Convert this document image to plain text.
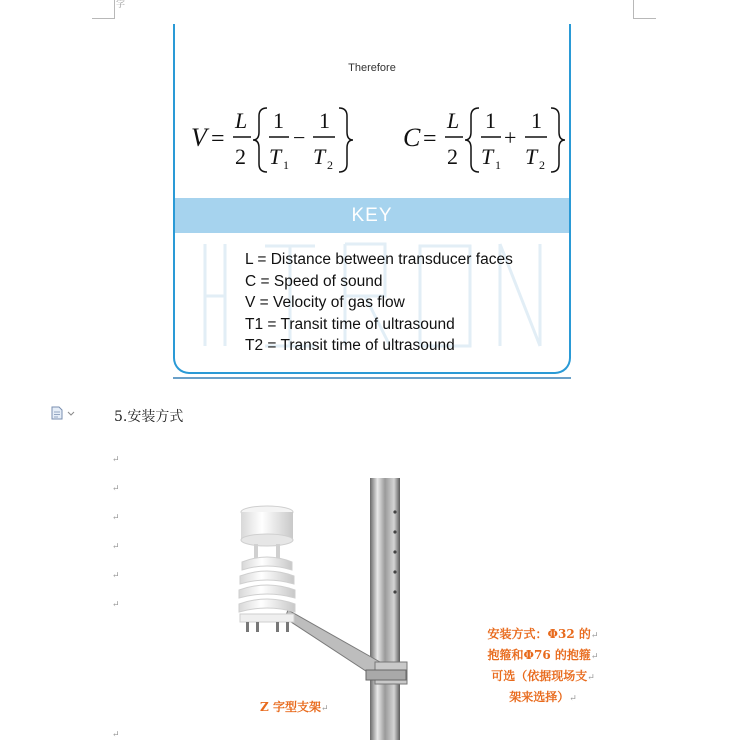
字
Therefore
V =
L
2
1
T 1
−
1
T 2
C =
L
2
1
T 1
+
1
T 2
KEY
L = Distance between transducer faces
C = Speed of sound
V = Velocity of gas flow
T1 = Transit time of ultrasound
T2 = Transit time of ultrasound
5.安装方式
↵
↵
↵
↵
↵
↵
↵
Z 字型支架↵
安装方式：Φ32 的↵
抱箍和Φ76 的抱箍↵
可选（依据现场支↵
架来选择）↵
